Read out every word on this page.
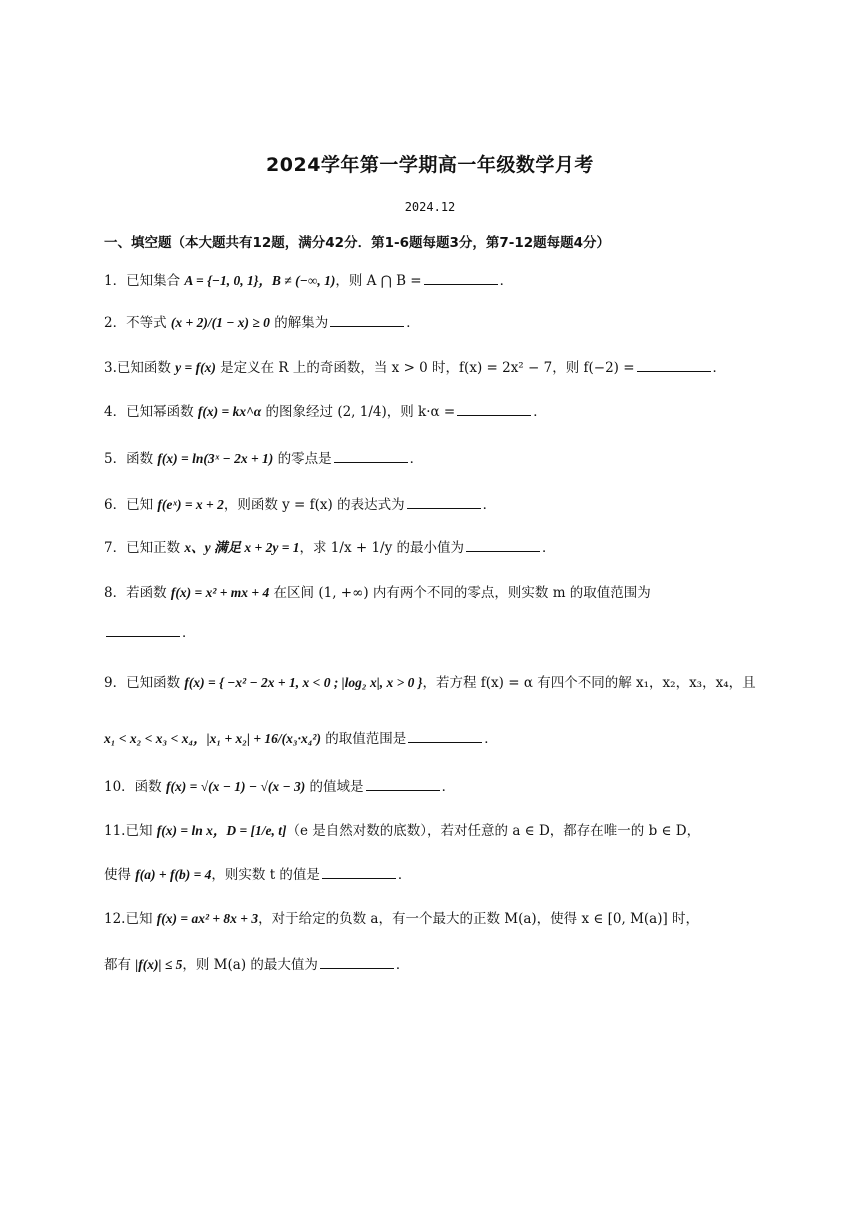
2024学年第一学期高一年级数学月考
2024.12
一、填空题（本大题共有12题，满分42分．第1-6题每题3分，第7-12题每题4分）
1．已知集合 A = {−1, 0, 1}，B ≠ (−∞, 1)，则 A ⋂ B =	．
2．不等式 (x + 2)/(1 − x) ≥ 0 的解集为	．
3.已知函数 y = f(x) 是定义在 R 上的奇函数，当 x > 0 时，f(x) = 2x² − 7，则 f(−2) =	．
4．已知幂函数 f(x) = kx^α 的图象经过 (2, 1/4)，则 k·α =	．
5．函数 f(x) = ln(3ˣ − 2x + 1) 的零点是	．
6．已知 f(eˣ) = x + 2，则函数 y = f(x) 的表达式为	．
7．已知正数 x、y 满足 x + 2y = 1，求 1/x + 1/y 的最小值为	．
8．若函数 f(x) = x² + mx + 4 在区间 (1, +∞) 内有两个不同的零点，则实数 m 的取值范围为
．
9．已知函数 f(x) = { −x² − 2x + 1, x < 0 ; |log₂ x|, x > 0 }，若方程 f(x) = α 有四个不同的解 x₁，x₂，x₃，x₄，且
x₁ < x₂ < x₃ < x₄，|x₁ + x₂| + 16/(x₃·x₄²) 的取值范围是	．
10．函数 f(x) = √(x − 1) − √(x − 3) 的值域是	．
11.已知 f(x) = ln x，D = [1/e, t]（e 是自然对数的底数），若对任意的 a ∈ D，都存在唯一的 b ∈ D，
使得 f(a) + f(b) = 4，则实数 t 的值是	．
12.已知 f(x) = ax² + 8x + 3，对于给定的负数 a，有一个最大的正数 M(a)，使得 x ∈ [0, M(a)] 时，
都有 |f(x)| ≤ 5，则 M(a) 的最大值为	．
